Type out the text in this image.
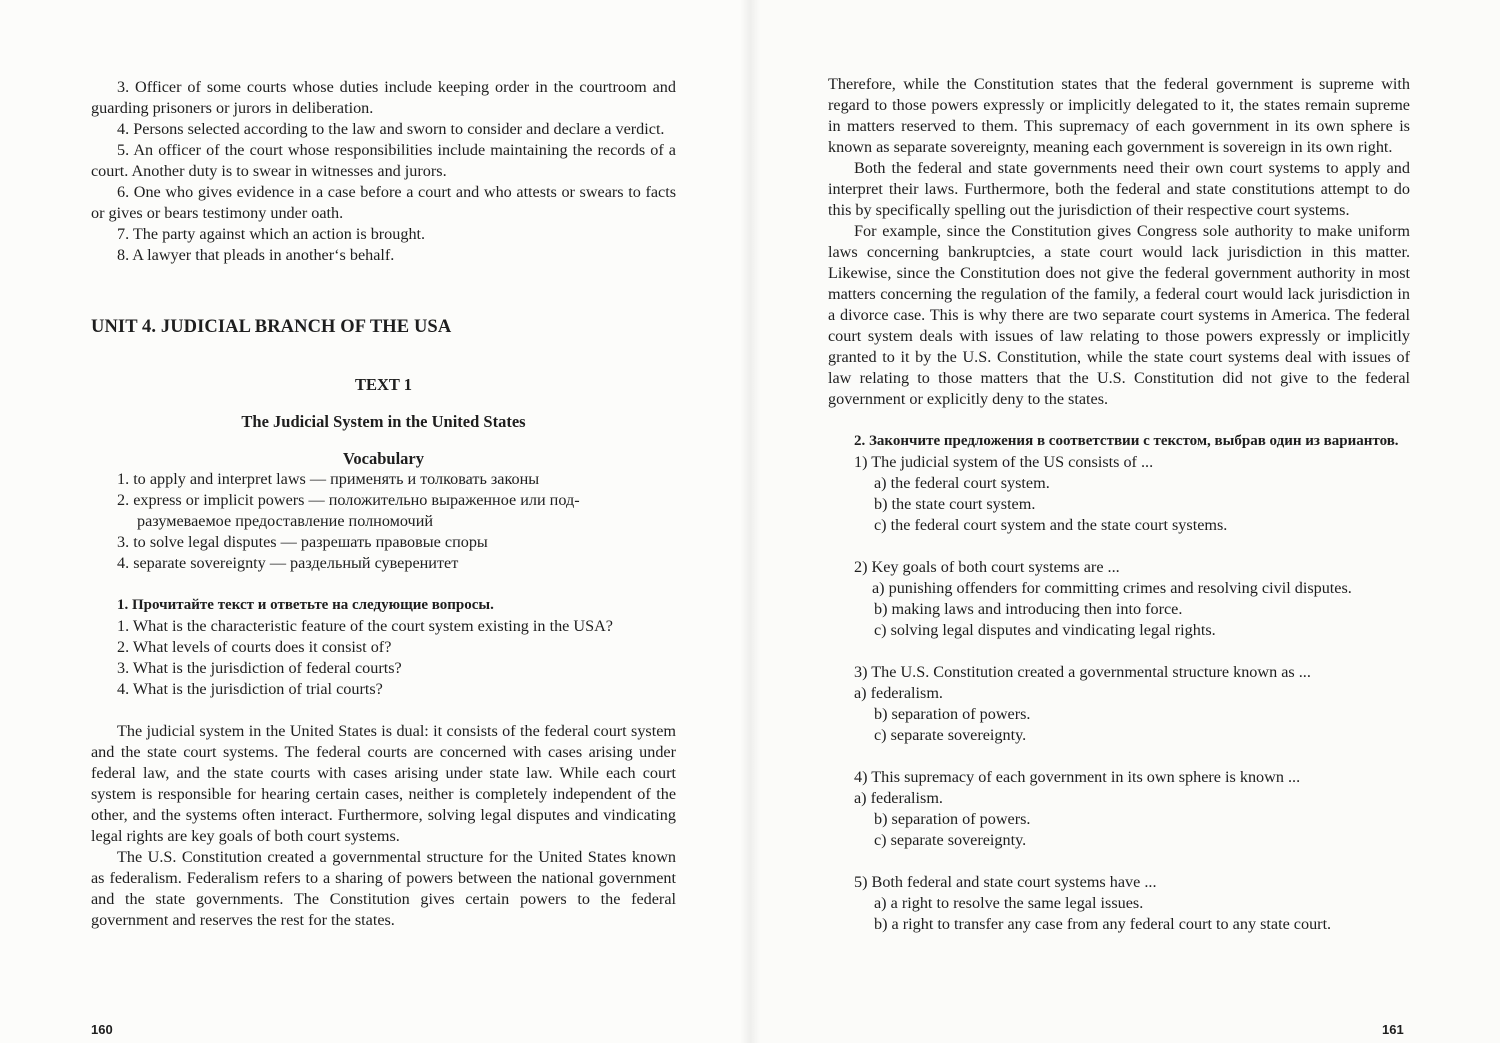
3. Officer of some courts whose duties include keeping order in the courtroom and guarding prisoners or jurors in deliberation.

4. Persons selected according to the law and sworn to consider and declare a verdict.

5. An officer of the court whose responsibilities include maintaining the records of a court. Another duty is to swear in witnesses and jurors.

6. One who gives evidence in a case before a court and who attests or swears to facts or gives or bears testimony under oath.

7. The party against which an action is brought.

8. A lawyer that pleads in another‘s behalf.

UNIT 4. JUDICIAL BRANCH OF THE USA

TEXT 1

The Judicial System in the United States

Vocabulary

1. to apply and interpret laws — применять и толковать законы

2. express or implicit powers — положительно выраженное или под-

разумеваемое предоставление полномочий

3. to solve legal disputes — разрешать правовые споры

4. separate sovereignty — раздельный суверенитет

1. Прочитайте текст и ответьте на следующие вопросы.

1. What is the characteristic feature of the court system existing in the USA?

2. What levels of courts does it consist of?

3. What is the jurisdiction of federal courts?

4. What is the jurisdiction of trial courts?

The judicial system in the United States is dual: it consists of the federal court system and the state court systems. The federal courts are concerned with cases arising under federal law, and the state courts with cases arising under state law. While each court system is responsible for hearing certain cases, neither is completely independent of the other, and the systems often interact. Furthermore, solving legal disputes and vindicating legal rights are key goals of both court systems.

The U.S. Constitution created a governmental structure for the United States known as federalism. Federalism refers to a sharing of powers between the national government and the state governments. The Constitution gives certain powers to the federal government and reserves the rest for the states.

160

Therefore, while the Constitution states that the federal government is supreme with regard to those powers expressly or implicitly delegated to it, the states remain supreme in matters reserved to them. This supremacy of each government in its own sphere is known as separate sovereignty, meaning each government is sovereign in its own right.

Both the federal and state governments need their own court systems to apply and interpret their laws. Furthermore, both the federal and state constitutions attempt to do this by specifically spelling out the jurisdiction of their respective court systems.

For example, since the Constitution gives Congress sole authority to make uniform laws concerning bankruptcies, a state court would lack jurisdiction in this matter. Likewise, since the Constitution does not give the federal government authority in most matters concerning the regulation of the family, a federal court would lack jurisdiction in a divorce case. This is why there are two separate court systems in America. The federal court system deals with issues of law relating to those powers expressly or implicitly granted to it by the U.S. Constitution, while the state court systems deal with issues of law relating to those matters that the U.S. Constitution did not give to the federal government or explicitly deny to the states.

2. Закончите предложения в соответствии с текстом, выбрав один из вариантов.

1) The judicial system of the US consists of ...

a) the federal court system.

b) the state court system.

c) the federal court system and the state court systems.

2) Key goals of both court systems are ...

a) punishing offenders for committing crimes and resolving civil disputes.

b) making laws and introducing then into force.

c) solving legal disputes and vindicating legal rights.

3) The U.S. Constitution created a governmental structure known as ...

a) federalism.

b) separation of powers.

c) separate sovereignty.

4) This supremacy of each government in its own sphere is known ...

a) federalism.

b) separation of powers.

c) separate sovereignty.

5) Both federal and state court systems have ...

a) a right to resolve the same legal issues.

b) a right to transfer any case from any federal court to any state court.

161
